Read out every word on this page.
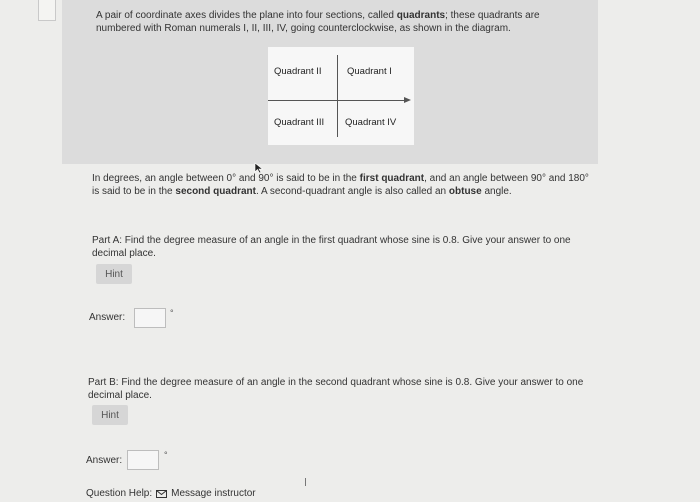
A pair of coordinate axes divides the plane into four sections, called quadrants; these quadrants are numbered with Roman numerals I, II, III, IV, going counterclockwise, as shown in the diagram.
Quadrant II	Quadrant I
Quadrant III Quadrant IV
In degrees, an angle between 0° and 90° is said to be in the first quadrant, and an angle between 90° and 180° is said to be in the second quadrant. A second-quadrant angle is also called an obtuse angle.
Part A: Find the degree measure of an angle in the first quadrant whose sine is 0.8. Give your answer to one decimal place.
Hint
Answer:	°
Part B: Find the degree measure of an angle in the second quadrant whose sine is 0.8. Give your answer to one decimal place.
Hint
Answer:	°
Question Help: Message instructor
